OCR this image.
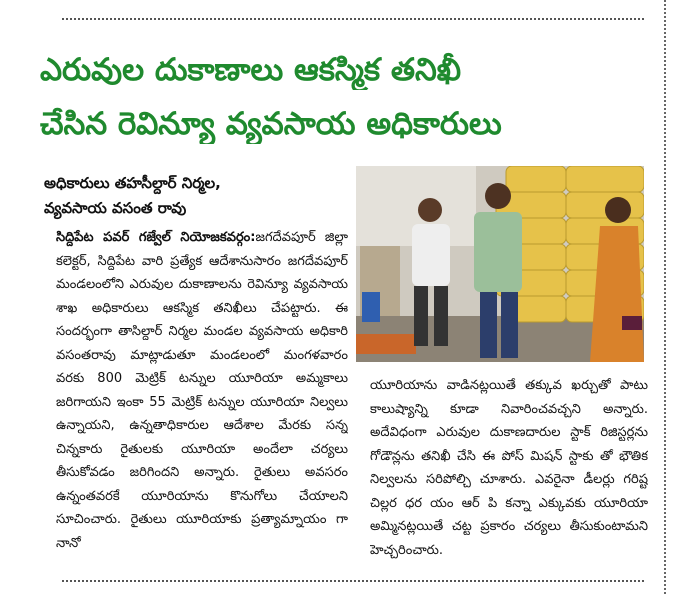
ఎరువుల దుకాణాలు ఆకస్మిక తనిఖీ
చేసిన రెవిన్యూ వ్యవసాయ అధికారులు

అధికారులు తహసీల్దార్ నిర్మల,

వ్యవసాయ వసంత రావు

సిద్దిపేట పవర్ గజ్వేల్ నియోజకవర్గం:జగదేవపూర్ జిల్లా కలెక్టర్, సిద్దిపేట వారి ప్రత్యేక ఆదేశానుసారం జగదేవపూర్ మండలంలోని ఎరువుల దుకాణాలను రెవిన్యూ వ్యవసాయ శాఖ అధికారులు ఆకస్మిక తనిఖీలు చేపట్టారు. ఈ సందర్భంగా తాసిల్దార్ నిర్మల మండల వ్యవసాయ అధికారి వసంతరావు మాట్లాడుతూ మండలంలో మంగళవారం వరకు 800 మెట్రిక్ టన్నుల యూరియా అమ్మకాలు జరిగాయని ఇంకా 55 మెట్రిక్ టన్నుల యూరియా నిల్వలు ఉన్నాయని, ఉన్నతాధికారుల ఆదేశాల మేరకు సన్న చిన్నకారు రైతులకు యూరియా అందేలా చర్యలు తీసుకోవడం జరిగిందని అన్నారు. రైతులు అవసరం ఉన్నంతవరకే యూరియాను కొనుగోలు చేయాలని సూచించారు. రైతులు యూరియాకు ప్రత్యామ్నాయం గా నానో
యూరియాను వాడినట్లయితే తక్కువ ఖర్చుతో పాటు కాలుష్యాన్ని కూడా నివారించవచ్చని అన్నారు. అదేవిధంగా ఎరువుల దుకాణదారుల స్టాక్ రిజిస్టర్లను గోడౌన్లను తనిఖీ చేసి ఈ పోస్ మిషన్ స్టాకు తో భౌతిక నిల్వలను సరిపోల్చి చూశారు. ఎవరైనా డీలర్లు గరిష్ట చిల్లర ధర యం ఆర్ పి కన్నా ఎక్కువకు యూరియా అమ్మినట్లయితే చట్ట ప్రకారం చర్యలు తీసుకుంటామని హెచ్చరించారు.
